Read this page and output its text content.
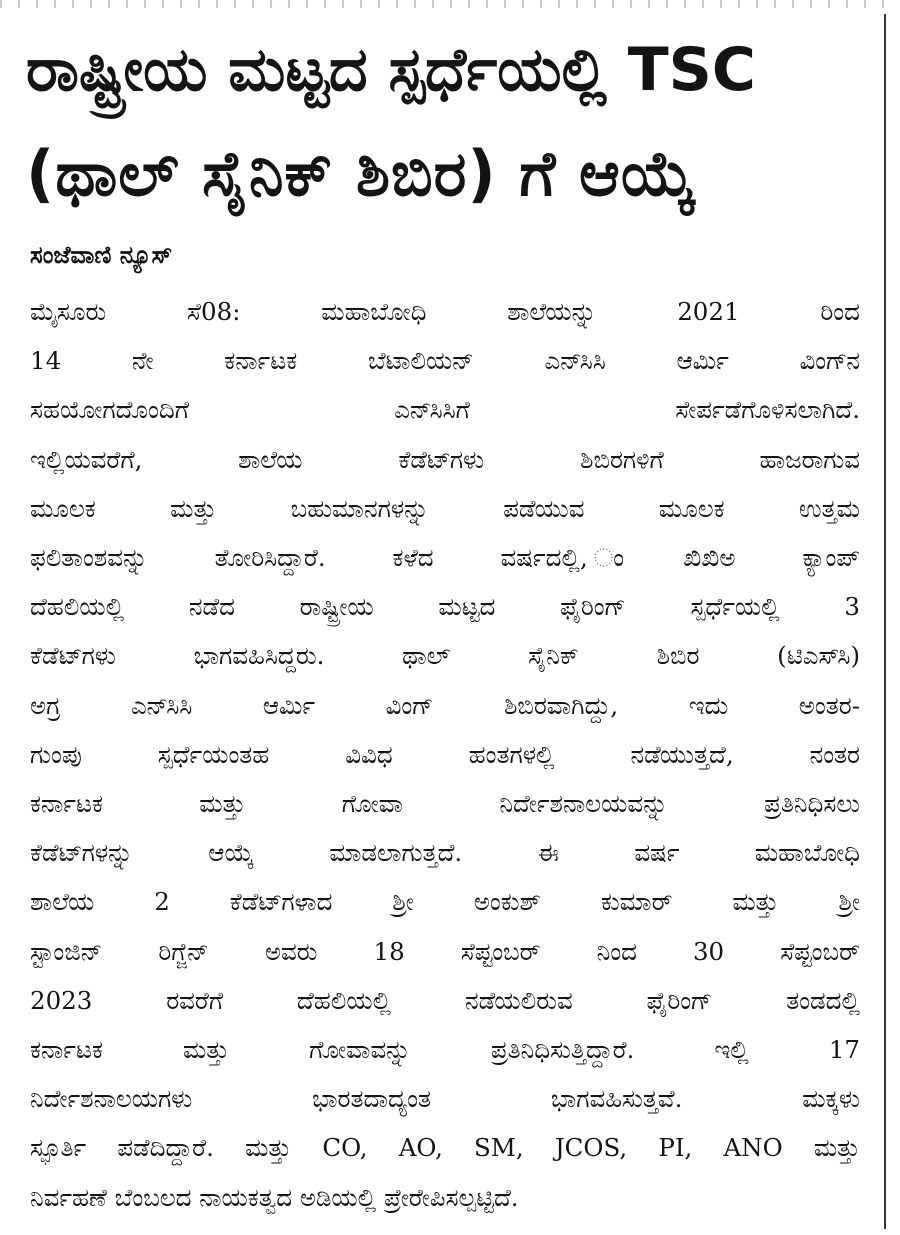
ರಾಷ್ಟ್ರೀಯ ಮಟ್ಟದ ಸ್ಪರ್ಧೆಯಲ್ಲಿ TSC
(ಥಾಲ್ ಸೈನಿಕ್ ಶಿಬಿರ) ಗೆ ಆಯ್ಕೆ
ಸಂಜೆವಾಣಿ ನ್ಯೂಸ್
ಮೈಸೂರು ಸೆ08: ಮಹಾಬೋಧಿ ಶಾಲೆಯನ್ನು 2021 ರಿಂದ
14 ನೇ ಕರ್ನಾಟಕ ಬೆಟಾಲಿಯನ್ ಎನ್‍ಸಿಸಿ ಆರ್ಮಿ ವಿಂಗ್‍ನ
ಸಹಯೋಗದೊಂದಿಗೆ ಎನ್‍ಸಿಸಿಗೆ ಸೇರ್ಪಡೆಗೊಳಿಸಲಾಗಿದೆ.
ಇಲ್ಲಿಯವರೆಗೆ, ಶಾಲೆಯ ಕೆಡೆಟ್‍ಗಳು ಶಿಬಿರಗಳಿಗೆ ಹಾಜರಾಗುವ
ಮೂಲಕ ಮತ್ತು ಬಹುಮಾನಗಳನ್ನು ಪಡೆಯುವ ಮೂಲಕ ಉತ್ತಮ
ಫಲಿತಾಂಶವನ್ನು ತೋರಿಸಿದ್ದಾರೆ. ಕಳೆದ ವರ್ಷದಲ್ಲಿ, ಂಖಿಖಿಅ ಕ್ಯಾಂಪ್
ದೆಹಲಿಯಲ್ಲಿ ನಡೆದ ರಾಷ್ಟ್ರೀಯ ಮಟ್ಟದ ಫೈರಿಂಗ್ ಸ್ಪರ್ಧೆಯಲ್ಲಿ 3
ಕೆಡೆಟ್‍ಗಳು ಭಾಗವಹಿಸಿದ್ದರು. ಥಾಲ್ ಸೈನಿಕ್ ಶಿಬಿರ (ಟಿಎಸ್‍ಸಿ)
ಅಗ್ರ ಎನ್‍ಸಿಸಿ ಆರ್ಮಿ ವಿಂಗ್ ಶಿಬಿರವಾಗಿದ್ದು, ಇದು ಅಂತರ-
ಗುಂಪು ಸ್ಪರ್ಧೆಯಂತಹ ವಿವಿಧ ಹಂತಗಳಲ್ಲಿ ನಡೆಯುತ್ತದೆ, ನಂತರ
ಕರ್ನಾಟಕ ಮತ್ತು ಗೋವಾ ನಿರ್ದೇಶನಾಲಯವನ್ನು ಪ್ರತಿನಿಧಿಸಲು
ಕೆಡೆಟ್‍ಗಳನ್ನು ಆಯ್ಕೆ ಮಾಡಲಾಗುತ್ತದೆ. ಈ ವರ್ಷ ಮಹಾಬೋಧಿ
ಶಾಲೆಯ 2 ಕೆಡೆಟ್‍ಗಳಾದ ಶ್ರೀ ಅಂಕುಶ್ ಕುಮಾರ್ ಮತ್ತು ಶ್ರೀ
ಸ್ಟಾಂಜಿನ್ ರಿಗ್ಜೆನ್ ಅವರು 18 ಸೆಪ್ಟಂಬರ್ ನಿಂದ 30 ಸೆಪ್ಟಂಬರ್
2023 ರವರೆಗೆ ದೆಹಲಿಯಲ್ಲಿ ನಡೆಯಲಿರುವ ಫೈರಿಂಗ್ ತಂಡದಲ್ಲಿ
ಕರ್ನಾಟಕ ಮತ್ತು ಗೋವಾವನ್ನು ಪ್ರತಿನಿಧಿಸುತ್ತಿದ್ದಾರೆ. ಇಲ್ಲಿ 17
ನಿರ್ದೇಶನಾಲಯಗಳು ಭಾರತದಾದ್ಯಂತ ಭಾಗವಹಿಸುತ್ತವೆ. ಮಕ್ಕಳು
ಸ್ಫೂರ್ತಿ ಪಡೆದಿದ್ದಾರೆ. ಮತ್ತು CO, AO, SM, JCOS, PI, ANO ಮತ್ತು
ನಿರ್ವಹಣೆ ಬೆಂಬಲದ ನಾಯಕತ್ವದ ಅಡಿಯಲ್ಲಿ ಪ್ರೇರೇಪಿಸಲ್ಪಟ್ಟಿದೆ.
